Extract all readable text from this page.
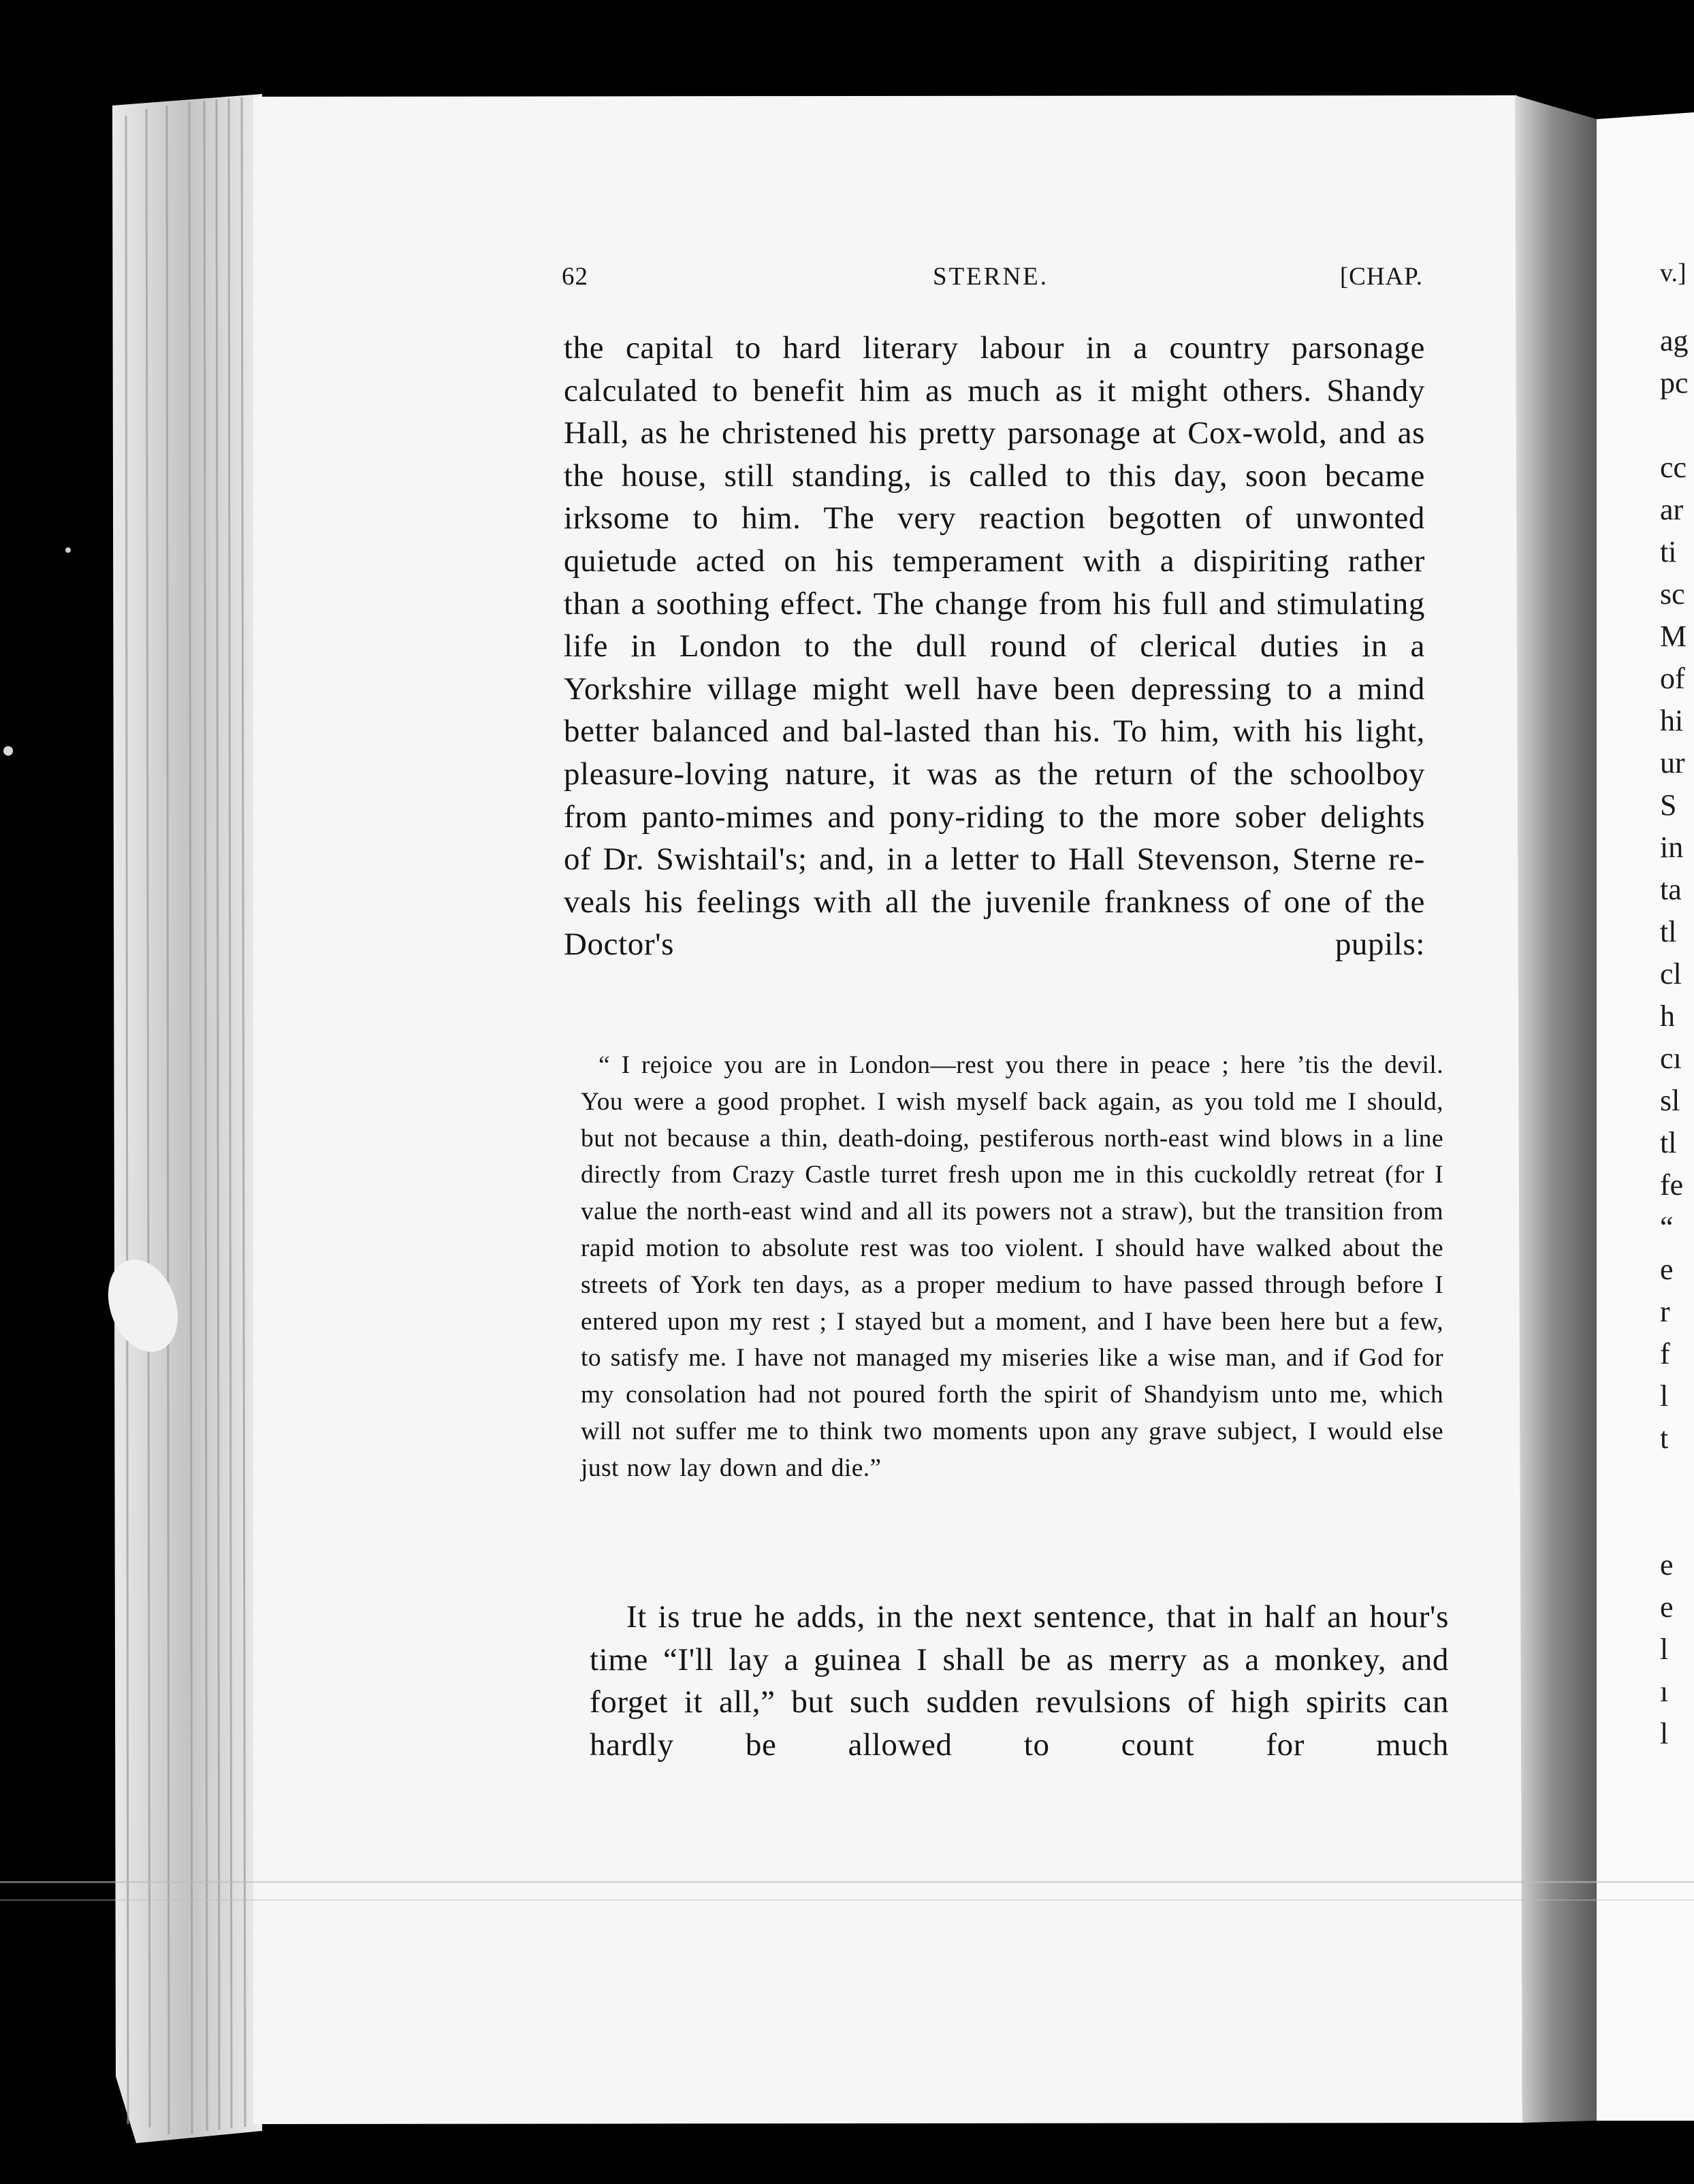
62	STERNE.	[CHAP.
the capital to hard literary labour in a country parsonage calculated to benefit him as much as it might others. Shandy Hall, as he christened his pretty parsonage at Cox-wold, and as the house, still standing, is called to this day, soon became irksome to him. The very reaction begotten of unwonted quietude acted on his temperament with a dispiriting rather than a soothing effect. The change from his full and stimulating life in London to the dull round of clerical duties in a Yorkshire village might well have been depressing to a mind better balanced and bal-lasted than his. To him, with his light, pleasure-loving nature, it was as the return of the schoolboy from panto-mimes and pony-riding to the more sober delights of Dr. Swishtail's; and, in a letter to Hall Stevenson, Sterne re-veals his feelings with all the juvenile frankness of one of the Doctor's pupils:
“ I rejoice you are in London—rest you there in peace ; here ’tis the devil. You were a good prophet. I wish myself back again, as you told me I should, but not because a thin, death-doing, pestiferous north-east wind blows in a line directly from Crazy Castle turret fresh upon me in this cuckoldly retreat (for I value the north-east wind and all its powers not a straw), but the transition from rapid motion to absolute rest was too violent. I should have walked about the streets of York ten days, as a proper medium to have passed through before I entered upon my rest ; I stayed but a moment, and I have been here but a few, to satisfy me. I have not managed my miseries like a wise man, and if God for my consolation had not poured forth the spirit of Shandyism unto me, which will not suffer me to think two moments upon any grave subject, I would else just now lay down and die.”
It is true he adds, in the next sentence, that in half an hour's time “I'll lay a guinea I shall be as merry as a monkey, and forget it all,” but such sudden revulsions of high spirits can hardly be allowed to count for much
v.]
ag
pc

cc
ar
ti
sc
M
of
hi
ur
S
in
ta
tl
cl
h
cı
sl
tl
fe
“
e
r
f
l
t

e
e
l
ı
l
